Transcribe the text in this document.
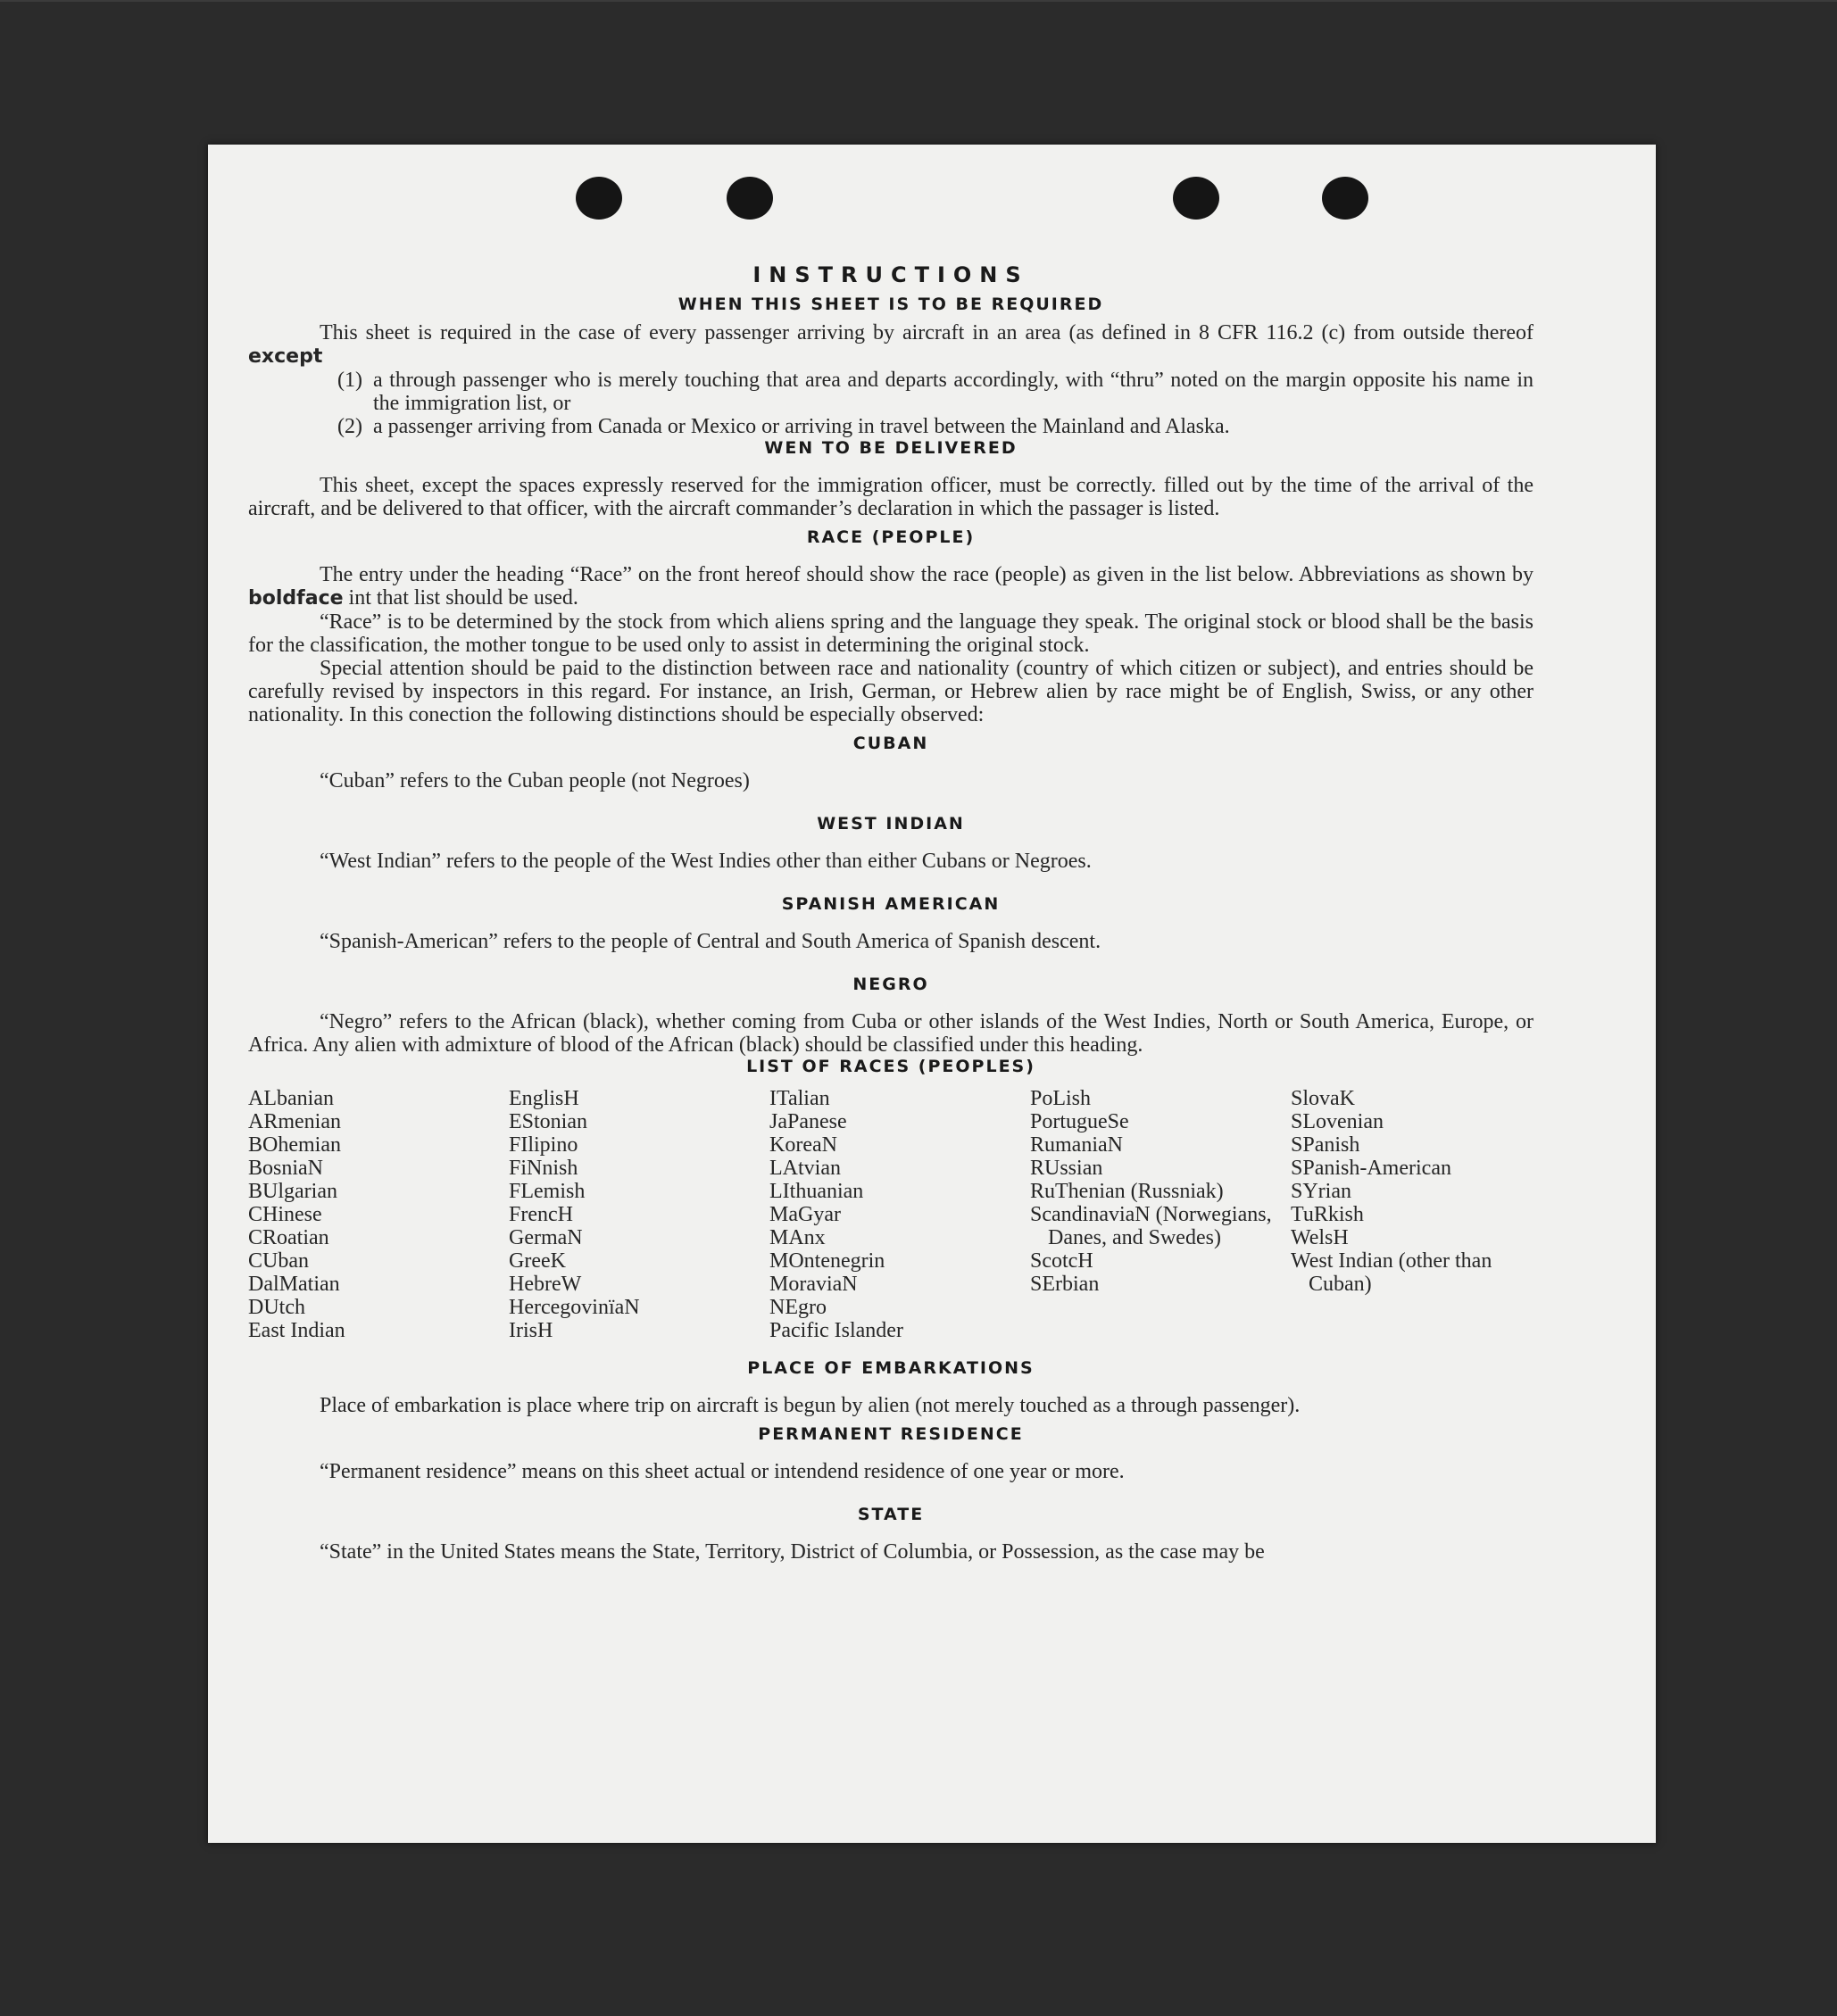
INSTRUCTIONS
WHEN THIS SHEET IS TO BE REQUIRED

This sheet is required in the case of every passenger arriving by aircraft in an area (as defined in 8 CFR 116.2 (c) from outside thereof except

(1) a through passenger who is merely touching that area and departs accordingly, with “thru” noted on the margin opposite his name in the immigration list, or
(2) a passenger arriving from Canada or Mexico or arriving in travel between the Mainland and Alaska.
WEN TO BE DELIVERED

This sheet, except the spaces expressly reserved for the immigration officer, must be correctly. filled out by the time of the arrival of the aircraft, and be delivered to that officer, with the aircraft commander’s declaration in which the passager is listed.

RACE (PEOPLE)

The entry under the heading “Race” on the front hereof should show the race (people) as given in the list below. Abbreviations as shown by boldface int that list should be used.

“Race” is to be determined by the stock from which aliens spring and the language they speak. The original stock or blood shall be the basis for the classification, the mother tongue to be used only to assist in determining the original stock.

Special attention should be paid to the distinction between race and nationality (country of which citizen or subject), and entries should be carefully revised by inspectors in this regard. For instance, an Irish, German, or Hebrew alien by race might be of English, Swiss, or any other nationality. In this conection the following distinctions should be especially observed:

CUBAN

“Cuban” refers to the Cuban people (not Negroes)

WEST INDIAN

“West Indian” refers to the people of the West Indies other than either Cubans or Negroes.

SPANISH AMERICAN

“Spanish-American” refers to the people of Central and South America of Spanish descent.

NEGRO

“Negro” refers to the African (black), whether coming from Cuba or other islands of the West Indies, North or South America, Europe, or Africa. Any alien with admixture of blood of the African (black) should be classified under this heading.

LIST OF RACES (PEOPLES)
ALbanian
ARmenian
BOhemian
BosniaN
BUlgarian
CHinese
CRoatian
CUban
DalMatian
DUtch
East Indian
EnglisH
EStonian
FIlipino
FiNnish
FLemish
FrencH
GermaN
GreeK
HebreW
HercegovinïaN
IrisH
ITalian
JaPanese
KoreaN
LAtvian
LIthuanian
MaGyar
MAnx
MOntenegrin
MoraviaN
NEgro
Pacific Islander
PoLish
PortugueSe
RumaniaN
RUssian
RuThenian (Russniak)
ScandinaviaN (Norwegians, Danes, and Swedes)
ScotcH
SErbian
SlovaK
SLovenian
SPanish
SPanish-American
SYrian
TuRkish
WelsH
West Indian (other than Cuban)
PLACE OF EMBARKATIONS

Place of embarkation is place where trip on aircraft is begun by alien (not merely touched as a through passenger).

PERMANENT RESIDENCE

“Permanent residence” means on this sheet actual or intendend residence of one year or more.

STATE

“State” in the United States means the State, Territory, District of Columbia, or Possession, as the case may be
